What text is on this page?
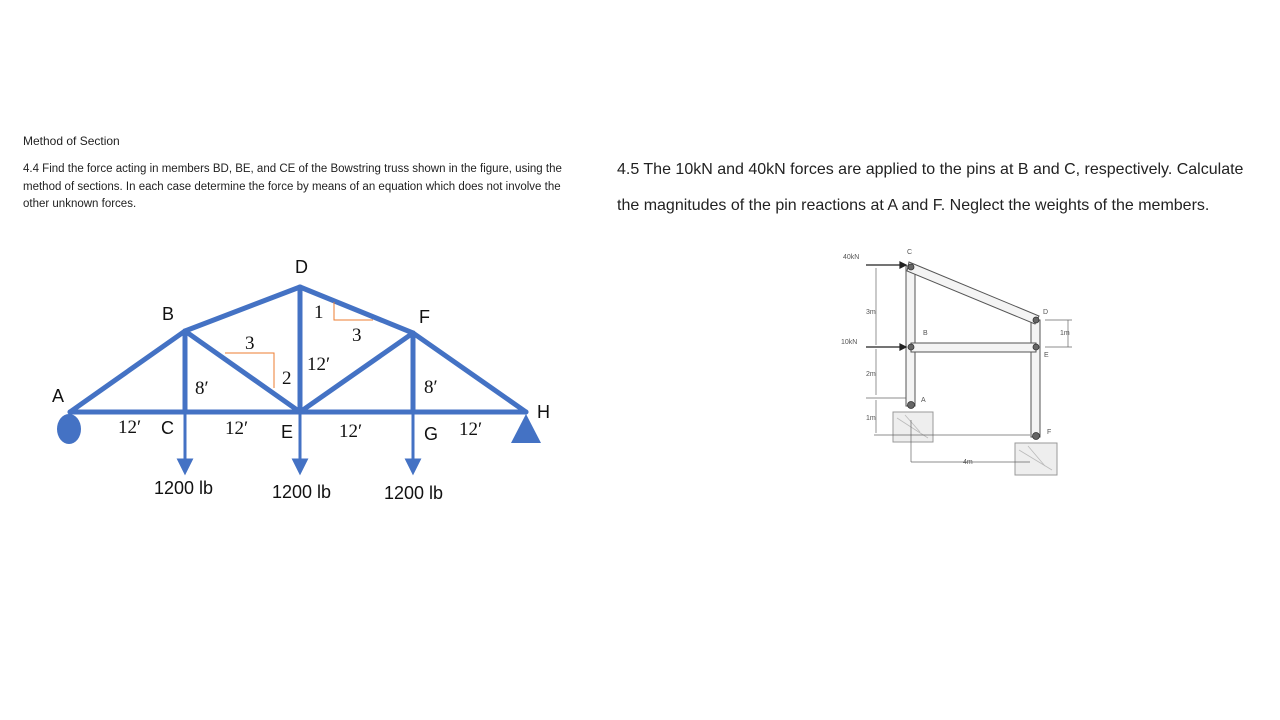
Method of Section

4.4 Find the force acting in members BD, BE, and CE of the Bowstring truss shown in the figure, using the method of sections. In each case determine the force by means of an equation which does not involve the other unknown forces.

4.5 The 10kN and 40kN forces are applied to the pins at B and C, respectively. Calculate the magnitudes of the pin reactions at A and F. Neglect the weights of the members.

A
B
C
D
E
F
G
H
12′	12′	12′	12′
8′	8′
12′
3
2
1
3
1200 lb	1200 lb	1200 lb
40kN
10kN
C
D
B
E
A
F
3m
2m
1m
4m
1m
